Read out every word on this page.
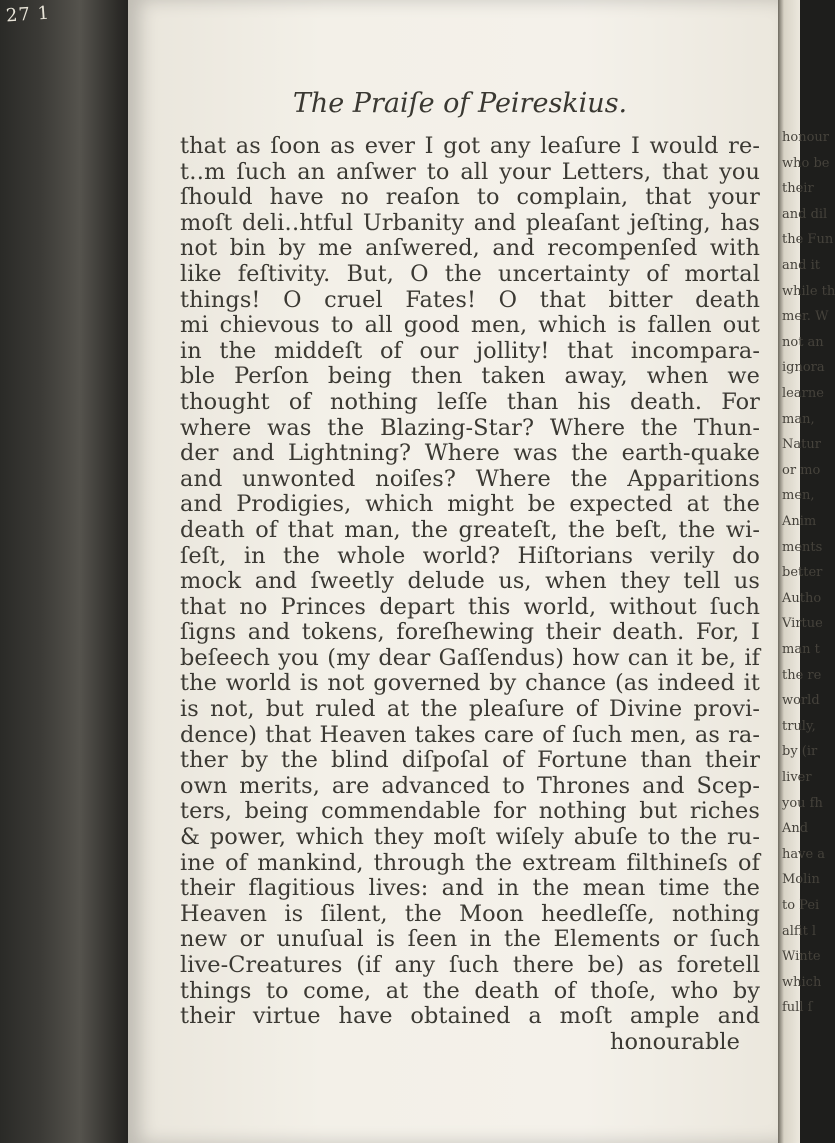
27 1
The Praiſe of Peireskius.
that as ſoon as ever I got any leaſure I would re-
t‥m ſuch an anſwer to all your Letters, that you
ſhould have no reaſon to complain, that your
moſt deli‥htful Urbanity and pleaſant jeſting, has
not bin by me anſwered, and recompenſed with
like feſtivity. But, O the uncertainty of mortal
things! O cruel Fates! O that bitter death
mi chievous to all good men, which is fallen out
in the middeſt of our jollity! that incompara-
ble Perſon being then taken away, when we
thought of nothing leſſe than his death. For
where was the Blazing-Star? Where the Thun-
der and Lightning? Where was the earth-quake
and unwonted noiſes? Where the Apparitions
and Prodigies, which might be expected at the
death of that man, the greateſt, the beſt, the wi-
ſeſt, in the whole world? Hiſtorians verily do
mock and ſweetly delude us, when they tell us
that no Princes depart this world, without ſuch
ſigns and tokens, foreſhewing their death. For, I
beſeech you (my dear Gaſſendus) how can it be, if
the world is not governed by chance (as indeed it
is not, but ruled at the pleaſure of Divine provi-
dence) that Heaven takes care of ſuch men, as ra-
ther by the blind diſpoſal of Fortune than their
own merits, are advanced to Thrones and Scep-
ters, being commendable for nothing but riches
& power, which they moſt wiſely abuſe to the ru-
ine of mankind, through the extream filthineſs of
their flagitious lives: and in the mean time the
Heaven is ſilent, the Moon heedleſſe, nothing
new or unuſual is ſeen in the Elements or ſuch
live-Creatures (if any ſuch there be) as foretell
things to come, at the death of thoſe, who by
their virtue have obtained a moſt ample and
honourable
honour
who be
their
and dil
the Fun
and it
while th
mer. W
not an
ignora
learne
man,
Natur
or mo
men,
Anim
ments
better
Autho
Virtue
man t
the re
world
truly,
by (ir
liver
you fh
And
have a
Molin
to Pei
alfit l
Winte
which
full ſ
